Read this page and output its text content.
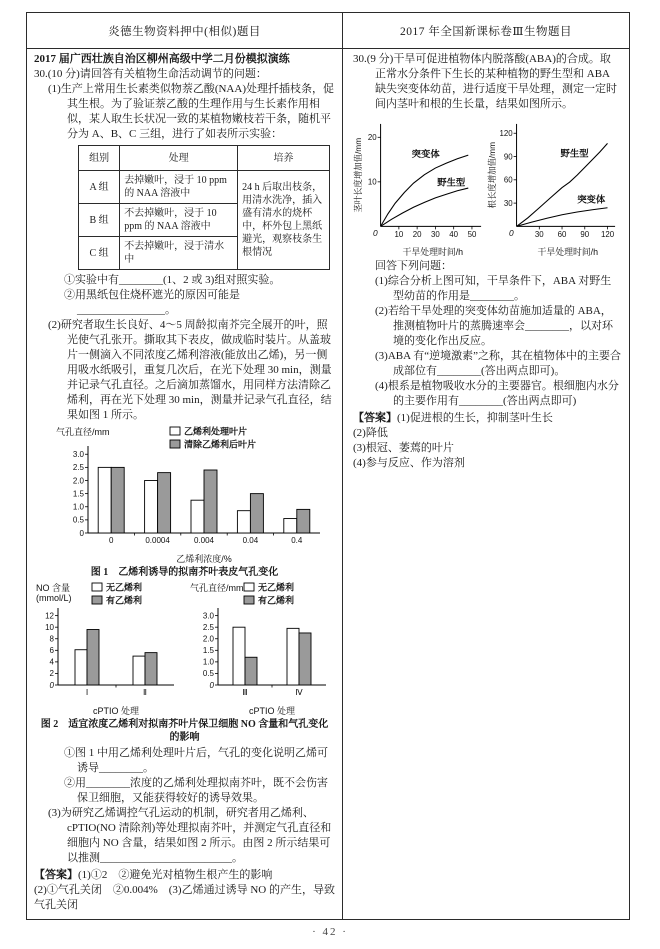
炎德生物资料押中(相似)题目	2017 年全国新课标卷Ⅲ生物题目

2017 届广西壮族自治区柳州高级中学二月份模拟演练

30.(10 分)请回答有关植物生命活动调节的问题：

(1)生产上常用生长素类似物萘乙酸(NAA)处理扦插枝条，促其生根。为了验证萘乙酸的生理作用与生长素作用相似，某人取生长状况一致的某植物嫩枝若干条，随机平分为 A、B、C 三组，进行了如表所示实验：

组别	处理	培养
A 组	去掉嫩叶，浸于 10 ppm 的 NAA 溶液中	24 h 后取出枝条，用清水洗净，插入盛有清水的烧杯中，杯外包上黑纸避光，观察枝条生根情况
B 组	不去掉嫩叶，浸于 10 ppm 的 NAA 溶液中	
C 组	不去掉嫩叶，浸于清水中	

①实验中有________(1、2 或 3)组对照实验。

②用黑纸包住烧杯遮光的原因可能是________________。

(2)研究者取生长良好、4～5 周龄拟南芥完全展开的叶，照光使气孔张开。撕取其下表皮，做成临时装片。从盖玻片一侧滴入不同浓度乙烯利溶液(能放出乙烯)，另一侧用吸水纸吸引，重复几次后，在光下处理 30 min，测量并记录气孔直径。之后滴加蒸馏水，用同样方法清除乙烯利，再在光下处理 30 min，测量并记录气孔直径，结果如图 1 所示。

0
0.5
1.0
1.5
2.0
2.5
3.0
0	0.0004	0.004	0.04	0.4
乙烯利浓度/%
气孔直径/mm	乙烯利处理叶片
清除乙烯利后叶片

图 1　乙烯利诱导的拟南芥叶表皮气孔变化

0
2
4
6
8
10
12
Ⅰ	Ⅱ
cPTIO 处理
NO 含量
(mmol/L)
无乙烯利
有乙烯利
0
0.5
1.0
1.5
2.0
2.5
3.0
Ⅲ	Ⅳ
cPTIO 处理
气孔直径/mm 无乙烯利
有乙烯利

图 2　适宜浓度乙烯利对拟南芥叶片保卫细胞 NO 含量和气孔变化的影响

①图 1 中用乙烯利处理叶片后，气孔的变化说明乙烯可诱导________。

②用________浓度的乙烯利处理拟南芥叶，既不会伤害保卫细胞，又能获得较好的诱导效果。

(3)为研究乙烯调控气孔运动的机制，研究者用乙烯利、cPTIO(NO 清除剂)等处理拟南芥叶，并测定气孔直径和细胞内 NO 含量，结果如图 2 所示。由图 2 所示结果可以推测________________________。

【答案】(1)①2　②避免光对植物生根产生的影响

(2)①气孔关闭　②0.004%　(3)乙烯通过诱导 NO 的产生，导致气孔关闭

30.(9 分)干旱可促进植物体内脱落酸(ABA)的合成。取正常水分条件下生长的某种植物的野生型和 ABA 缺失突变体幼苗，进行适度干旱处理，测定一定时间内茎叶和根的生长量，结果如图所示。

10
20
10 20 30 40 50
0
干旱处理时间/h
茎叶长度增加值/mm	突变体
野生型
30
60
90
120
30 60 90 120
0
干旱处理时间/h
根长度增加值/mm	野生型
突变体

回答下列问题：

(1)综合分析上图可知，干旱条件下，ABA 对野生型幼苗的作用是________。

(2)若给干旱处理的突变体幼苗施加适量的 ABA，推测植物叶片的蒸腾速率会________，以对环境的变化作出反应。

(3)ABA 有“逆境激素”之称，其在植物体中的主要合成部位有________(答出两点即可)。

(4)根系是植物吸收水分的主要器官。根细胞内水分的主要作用有________(答出两点即可)

【答案】(1)促进根的生长，抑制茎叶生长

(2)降低

(3)根冠、萎蔫的叶片

(4)参与反应、作为溶剂

· 42 ·
